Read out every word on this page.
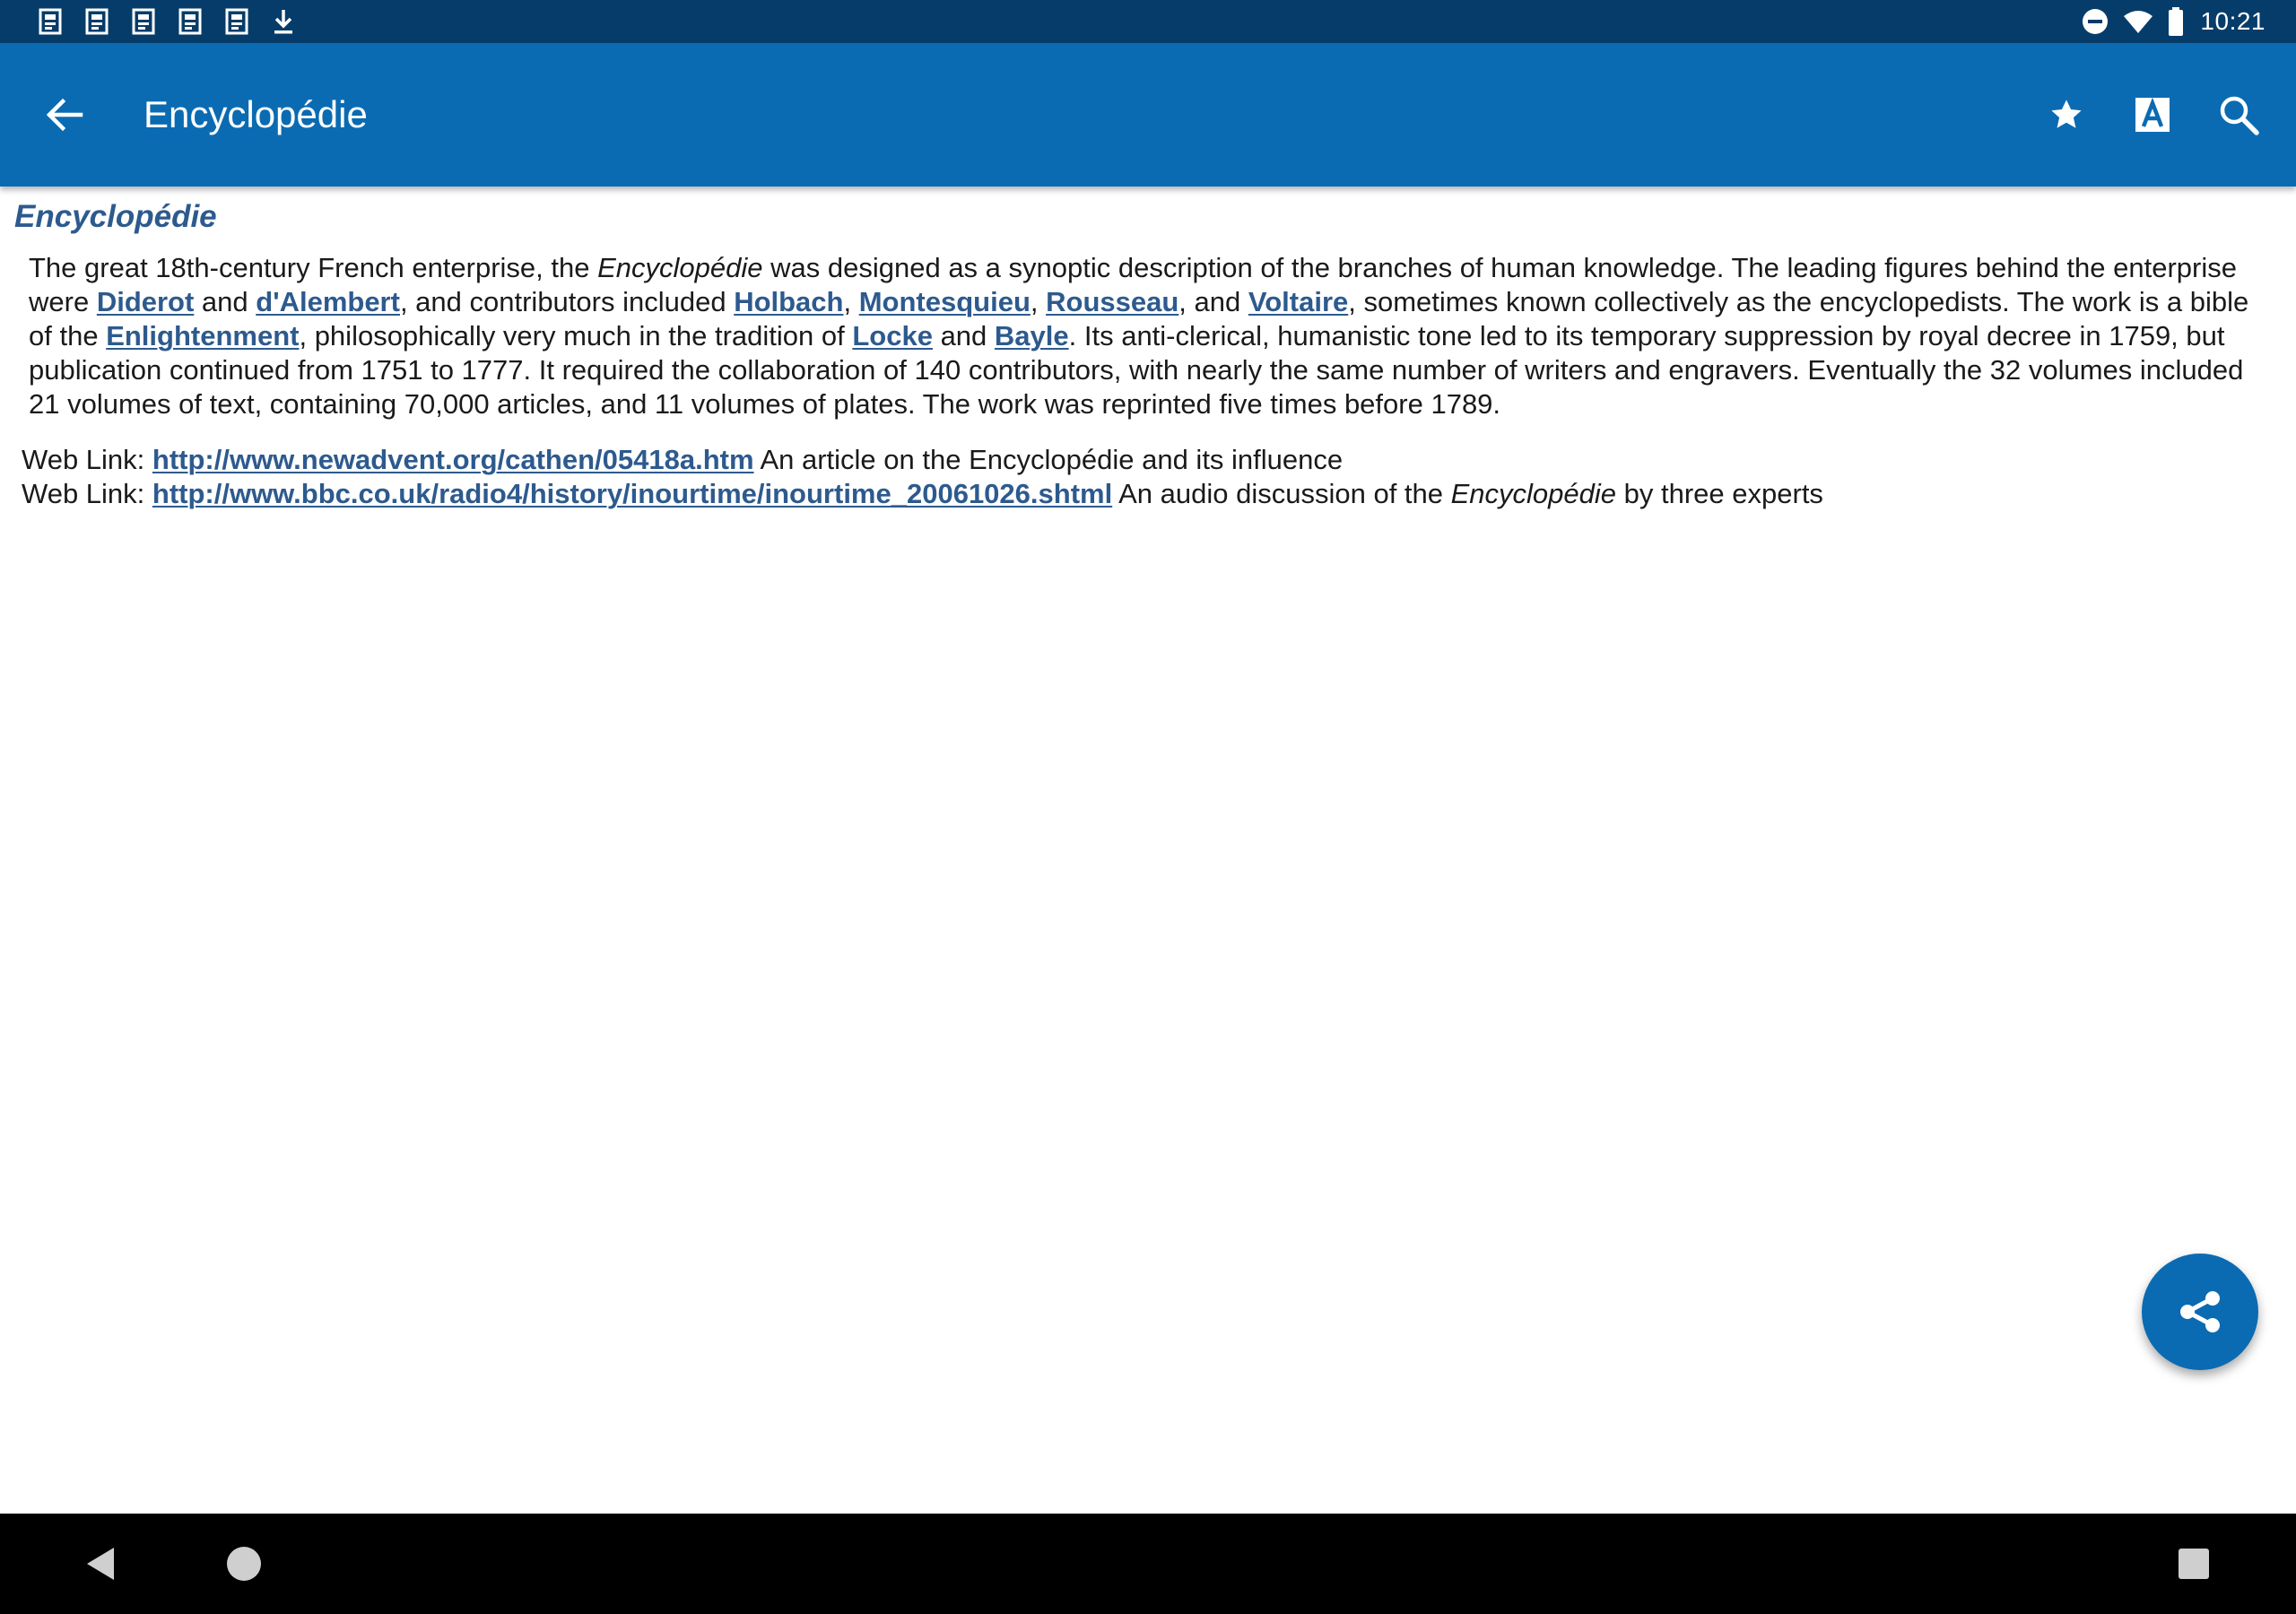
10:21
Encyclopédie
Encyclopédie

The great 18th-century French enterprise, the Encyclopédie was designed as a synoptic description of the branches of human knowledge. The leading figures behind the enterprise were Diderot and d'Alembert, and contributors included Holbach, Montesquieu, Rousseau, and Voltaire, sometimes known collectively as the encyclopedists. The work is a bible of the Enlightenment, philosophically very much in the tradition of Locke and Bayle. Its anti-clerical, humanistic tone led to its temporary suppression by royal decree in 1759, but publication continued from 1751 to 1777. It required the collaboration of 140 contributors, with nearly the same number of writers and engravers. Eventually the 32 volumes included 21 volumes of text, containing 70,000 articles, and 11 volumes of plates. The work was reprinted five times before 1789.

Web Link: http://www.newadvent.org/cathen/05418a.htm An article on the Encyclopédie and its influence
Web Link: http://www.bbc.co.uk/radio4/history/inourtime/inourtime_20061026.shtml An audio discussion of the Encyclopédie by three experts
